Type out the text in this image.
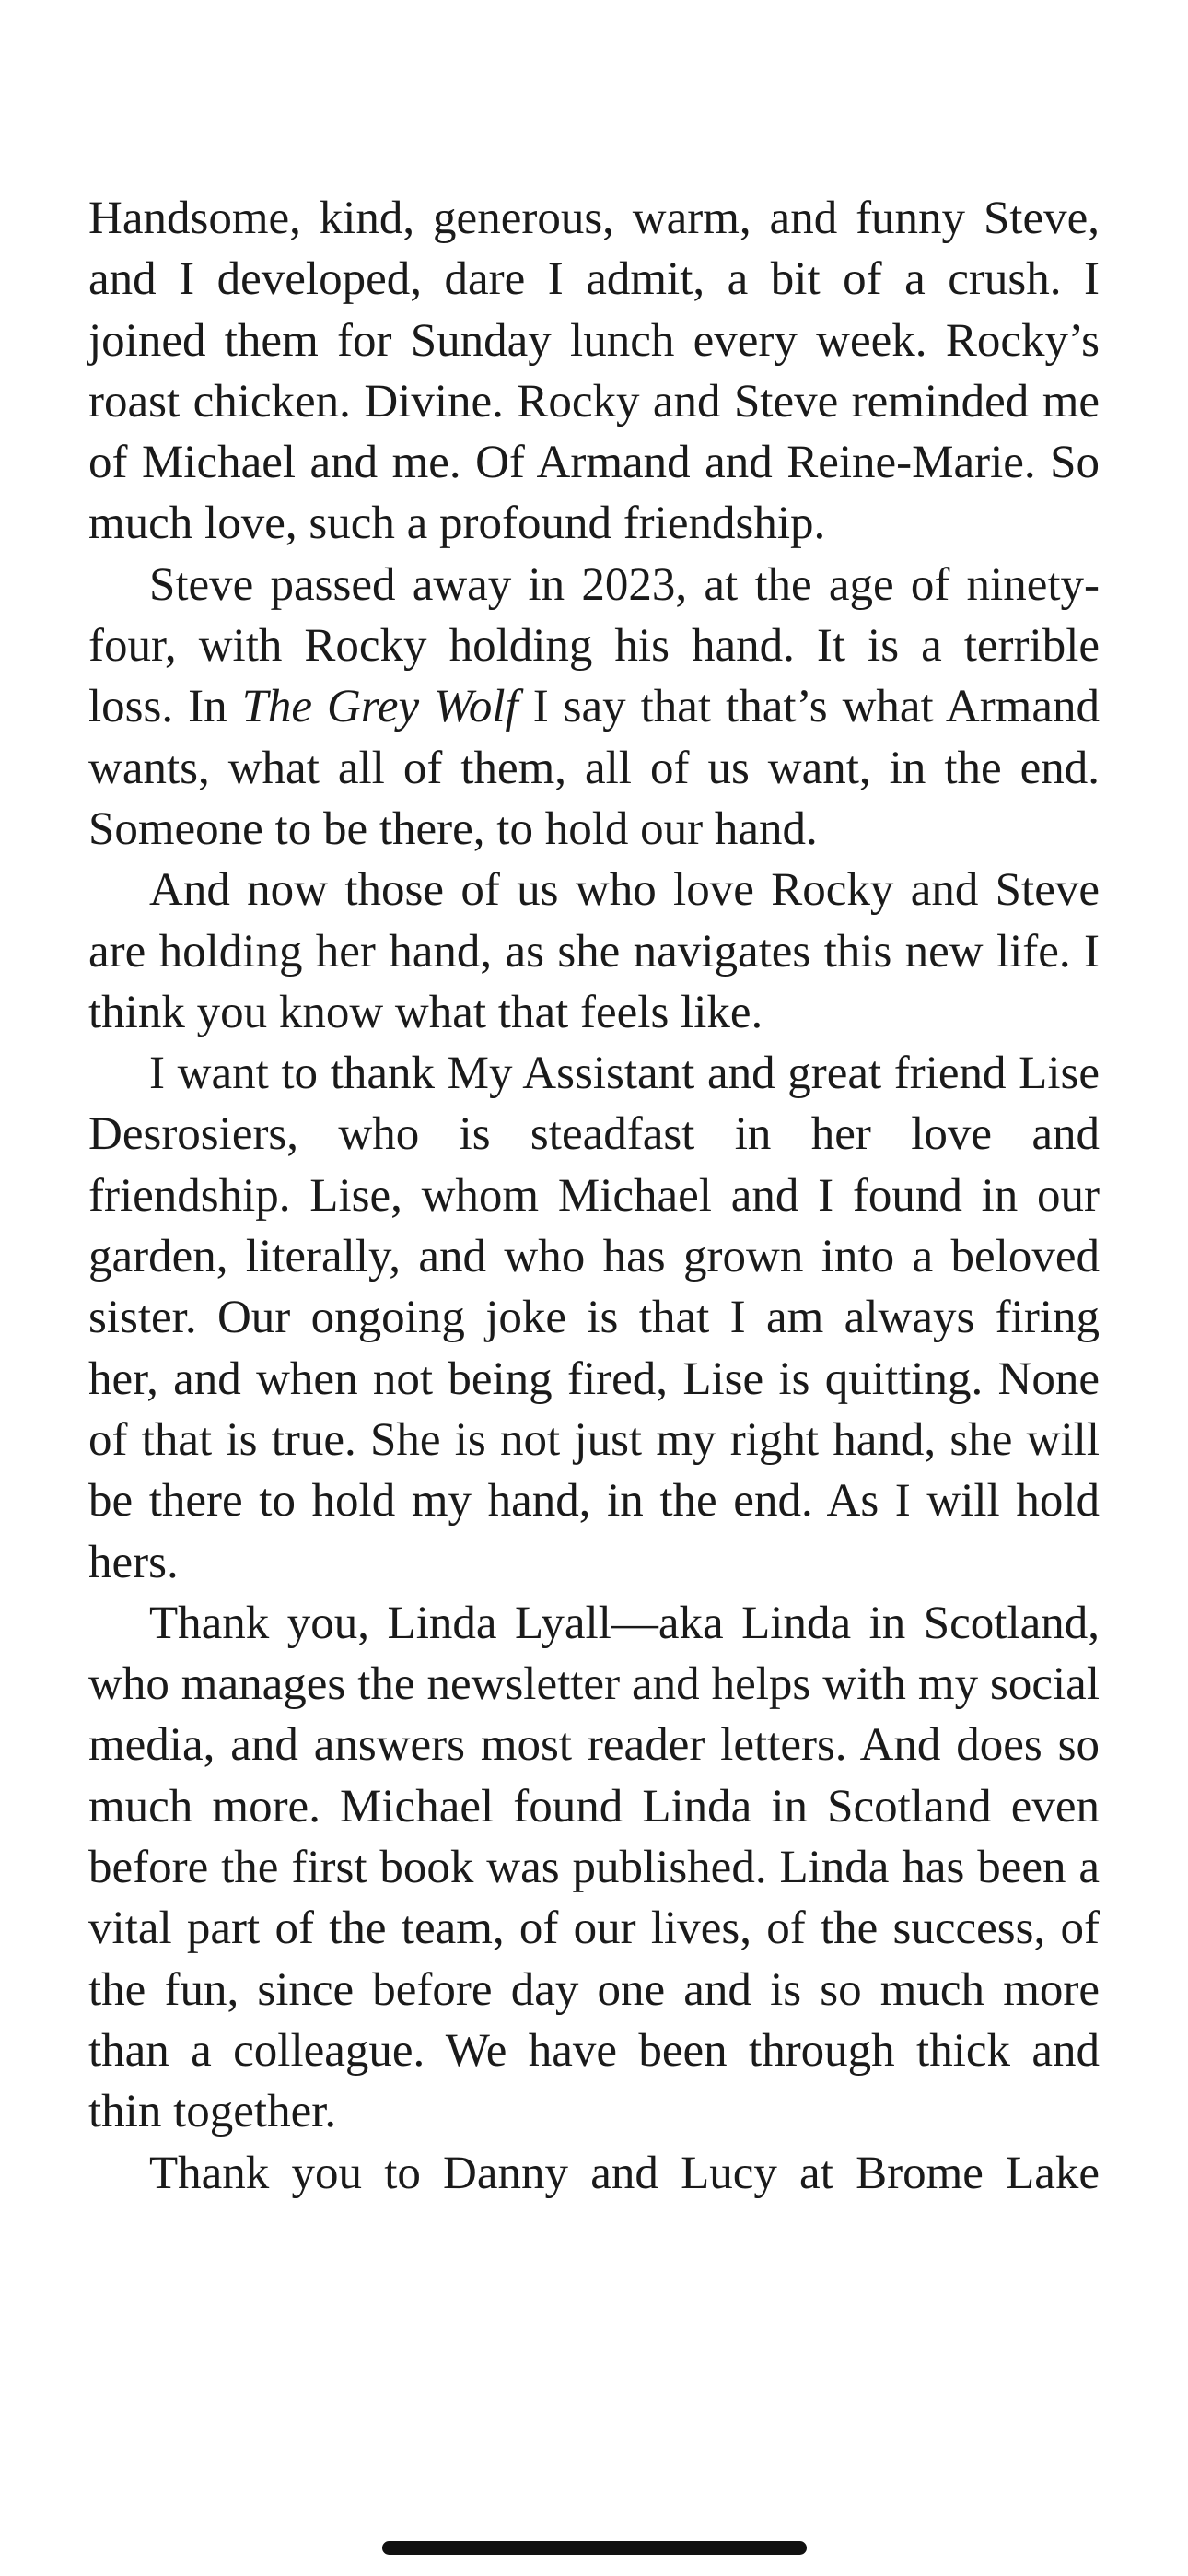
Handsome, kind, generous, warm, and funny Steve, and I developed, dare I admit, a bit of a crush. I joined them for Sunday lunch every week. Rocky’s roast chicken. Divine. Rocky and Steve reminded me of Michael and me. Of Armand and Reine-Marie. So much love, such a profound friendship.

Steve passed away in 2023, at the age of ninety-four, with Rocky holding his hand. It is a terrible loss. In The Grey Wolf I say that that’s what Armand wants, what all of them, all of us want, in the end. Someone to be there, to hold our hand.

And now those of us who love Rocky and Steve are holding her hand, as she navigates this new life. I think you know what that feels like.

I want to thank My Assistant and great friend Lise Desrosiers, who is steadfast in her love and friendship. Lise, whom Michael and I found in our garden, literally, and who has grown into a beloved sister. Our ongoing joke is that I am always firing her, and when not being fired, Lise is quitting. None of that is true. She is not just my right hand, she will be there to hold my hand, in the end. As I will hold hers.

Thank you, Linda Lyall—aka Linda in Scotland, who manages the newsletter and helps with my social media, and answers most reader letters. And does so much more. Michael found Linda in Scotland even before the first book was published. Linda has been a vital part of the team, of our lives, of the success, of the fun, since before day one and is so much more than a colleague. We have been through thick and thin together.

Thank you to Danny and Lucy at Brome Lake
